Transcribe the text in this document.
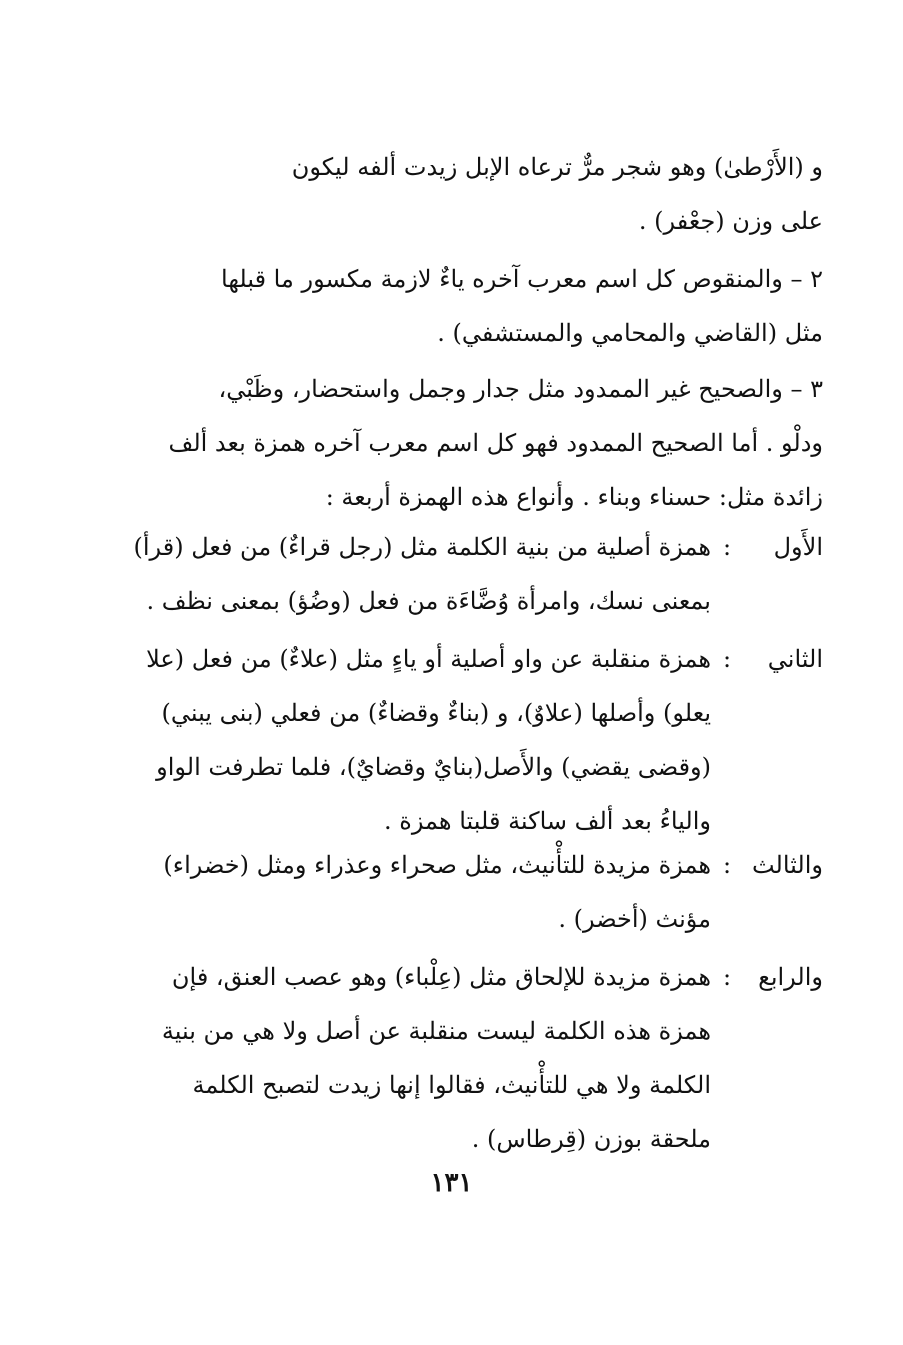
و (الأَرْطىٰ) وهو شجر مرٌّ ترعاه الإبل زيدت ألفه ليكون
على وزن (جعْفر) .
٢ – والمنقوص كل اسم معرب آخره ياءٌ لازمة مكسور ما قبلها
مثل (القاضي والمحامي والمستشفي) .
٣ – والصحيح غير الممدود مثل جدار وجمل واستحضار، وظَبْي،
ودلْو . أما الصحيح الممدود فهو كل اسم معرب آخره همزة بعد ألف
زائدة مثل: حسناء وبناء . وأنواع هذه الهمزة أربعة :
الأَول
:
همزة أصلية من بنية الكلمة مثل (رجل قراءٌ) من فعل (قرأ)
بمعنى نسك، وامرأة وُضَّاءَة من فعل (وضُؤ) بمعنى نظف .
الثاني
:
همزة منقلبة عن واو أصلية أو ياءٍ مثل (علاءٌ) من فعل (علا
يعلو) وأصلها (علاوٌ)، و (بناءٌ وقضاءٌ) من فعلي (بنى يبني)
(وقضى يقضي) والأَصل(بنايٌ وقضايٌ)، فلما تطرفت الواو
والياءُ بعد ألف ساكنة قلبتا همزة .
والثالث
:
همزة مزيدة للتأْنيث، مثل صحراء وعذراء ومثل (خضراء)
مؤنث (أخضر) .
والرابع
:
همزة مزيدة للإلحاق مثل (عِلْباء) وهو عصب العنق، فإن
همزة هذه الكلمة ليست منقلبة عن أصل ولا هي من بنية
الكلمة ولا هي للتأْنيث، فقالوا إنها زيدت لتصبح الكلمة
ملحقة بوزن (قِرطاس) .
١٣١
